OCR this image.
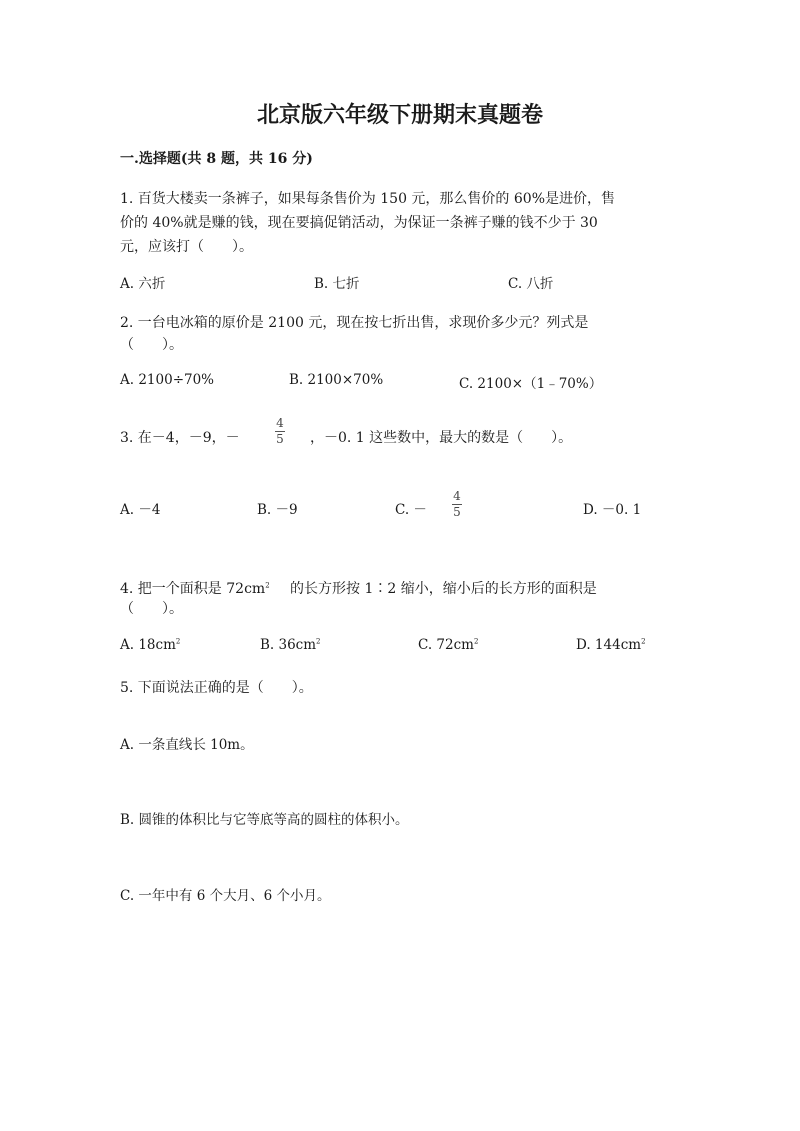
北京版六年级下册期末真题卷
一.选择题(共 8 题，共 16 分)
1. 百货大楼卖一条裤子，如果每条售价为 150 元，那么售价的 60%是进价，售
价的 40%就是赚的钱，现在要搞促销活动，为保证一条裤子赚的钱不少于 30
元，应该打（　　）。
A. 六折	B. 七折	C. 八折
2. 一台电冰箱的原价是 2100 元，现在按七折出售，求现价多少元？列式是
（　　）。
A. 2100÷70%	B. 2100×70%	C. 2100×（1﹣70%）
3. 在－4，－9，－
4
5 ，－0. 1 这些数中，最大的数是（　　）。
A. －4	B. －9	C. －
4
5	D. －0. 1
4. 把一个面积是 $72cm^2$ 的长方形按 1∶2 缩小，缩小后的长方形的面积是
（　　）。
A. $18cm^2$	B. $36cm^2$	C. $72cm^2$	D. $144cm^2$
5. 下面说法正确的是（　　）。
A. 一条直线长 10m。
B. 圆锥的体积比与它等底等高的圆柱的体积小。
C. 一年中有 6 个大月、6 个小月。
